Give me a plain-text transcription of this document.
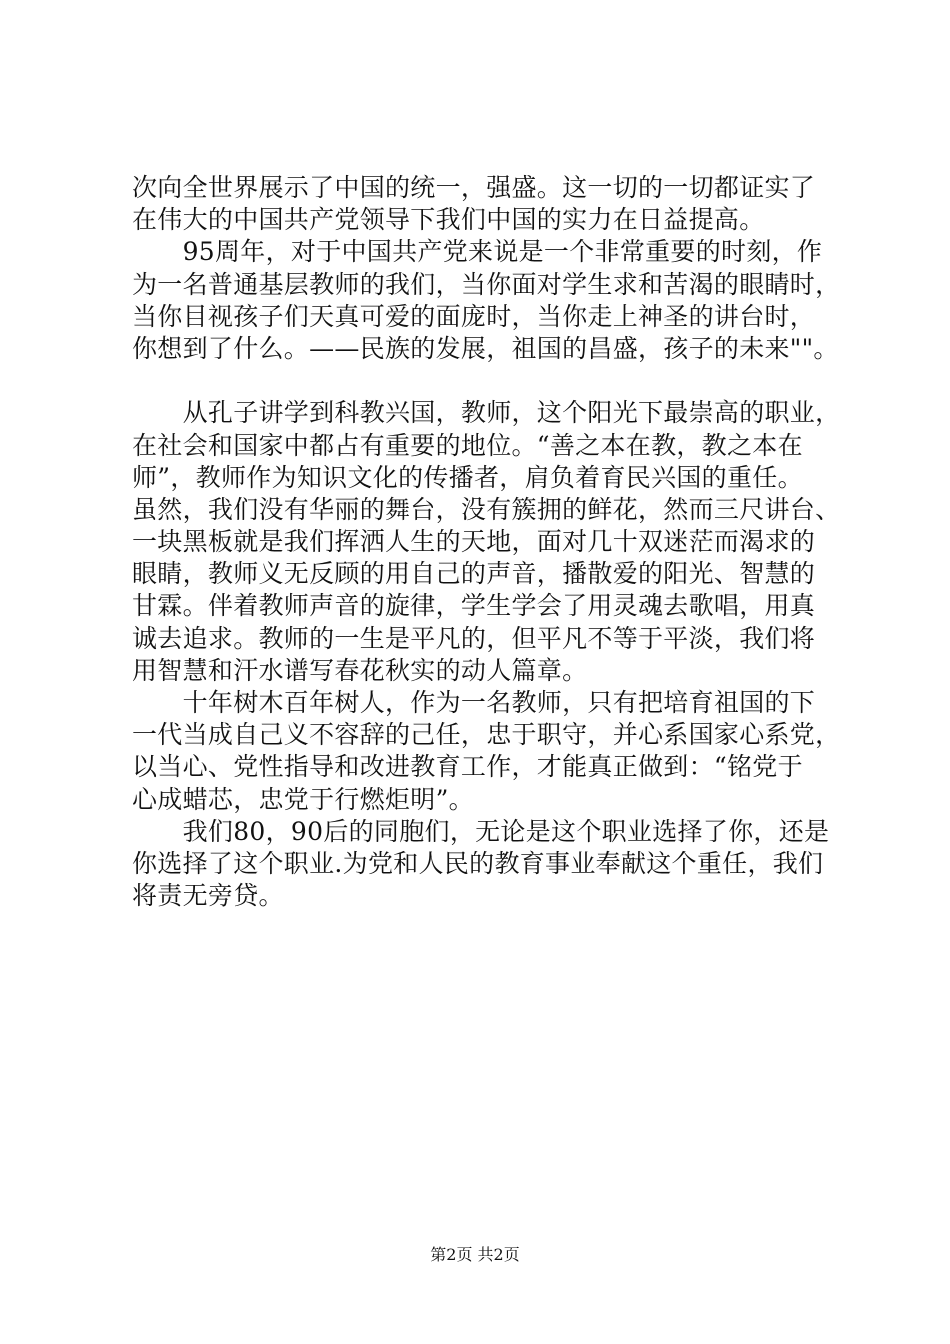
次向全世界展示了中国的统一，强盛。这一切的一切都证实了
在伟大的中国共产党领导下我们中国的实力在日益提高。
　　95周年，对于中国共产党来说是一个非常重要的时刻，作
为一名普通基层教师的我们，当你面对学生求和苦渴的眼睛时，
当你目视孩子们天真可爱的面庞时，当你走上神圣的讲台时，
你想到了什么。——民族的发展，祖国的昌盛，孩子的未来""。
　　从孔子讲学到科教兴国，教师，这个阳光下最崇高的职业，
在社会和国家中都占有重要的地位。“善之本在教，教之本在
师”，教师作为知识文化的传播者，肩负着育民兴国的重任。
虽然，我们没有华丽的舞台，没有簇拥的鲜花，然而三尺讲台、
一块黑板就是我们挥洒人生的天地，面对几十双迷茫而渴求的
眼睛，教师义无反顾的用自己的声音，播散爱的阳光、智慧的
甘霖。伴着教师声音的旋律，学生学会了用灵魂去歌唱，用真
诚去追求。教师的一生是平凡的，但平凡不等于平淡，我们将
用智慧和汗水谱写春花秋实的动人篇章。
　　十年树木百年树人，作为一名教师，只有把培育祖国的下
一代当成自己义不容辞的己任，忠于职守，并心系国家心系党，
以当心、党性指导和改进教育工作，才能真正做到：“铭党于
心成蜡芯，忠党于行燃炬明”。
　　我们80，90后的同胞们，无论是这个职业选择了你，还是
你选择了这个职业.为党和人民的教育事业奉献这个重任，我们
将责无旁贷。
第2页 共2页
